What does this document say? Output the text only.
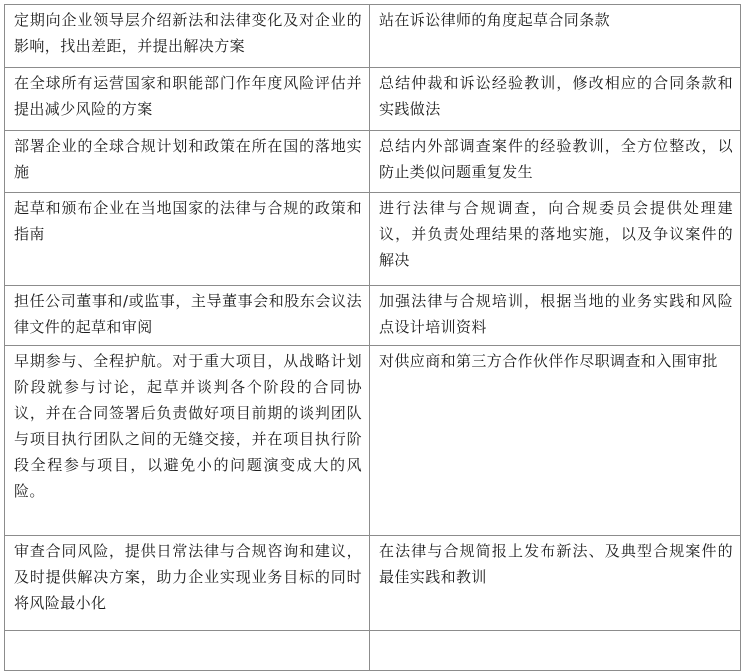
定期向企业领导层介绍新法和法律变化及对企业的影响，找出差距，并提出解决方案	站在诉讼律师的角度起草合同条款
在全球所有运营国家和职能部门作年度风险评估并提出减少风险的方案	总结仲裁和诉讼经验教训，修改相应的合同条款和实践做法
部署企业的全球合规计划和政策在所在国的落地实施	总结内外部调查案件的经验教训，全方位整改，以防止类似问题重复发生
起草和颁布企业在当地国家的法律与合规的政策和指南	进行法律与合规调查，向合规委员会提供处理建议，并负责处理结果的落地实施，以及争议案件的解决
担任公司董事和/或监事，主导董事会和股东会议法律文件的起草和审阅	加强法律与合规培训，根据当地的业务实践和风险点设计培训资料
早期参与、全程护航。对于重大项目，从战略计划阶段就参与讨论，起草并谈判各个阶段的合同协议，并在合同签署后负责做好项目前期的谈判团队与项目执行团队之间的无缝交接，并在项目执行阶段全程参与项目，以避免小的问题演变成大的风险。	对供应商和第三方合作伙伴作尽职调查和入围审批
审查合同风险，提供日常法律与合规咨询和建议，及时提供解决方案，助力企业实现业务目标的同时将风险最小化	在法律与合规简报上发布新法、及典型合规案件的最佳实践和教训
